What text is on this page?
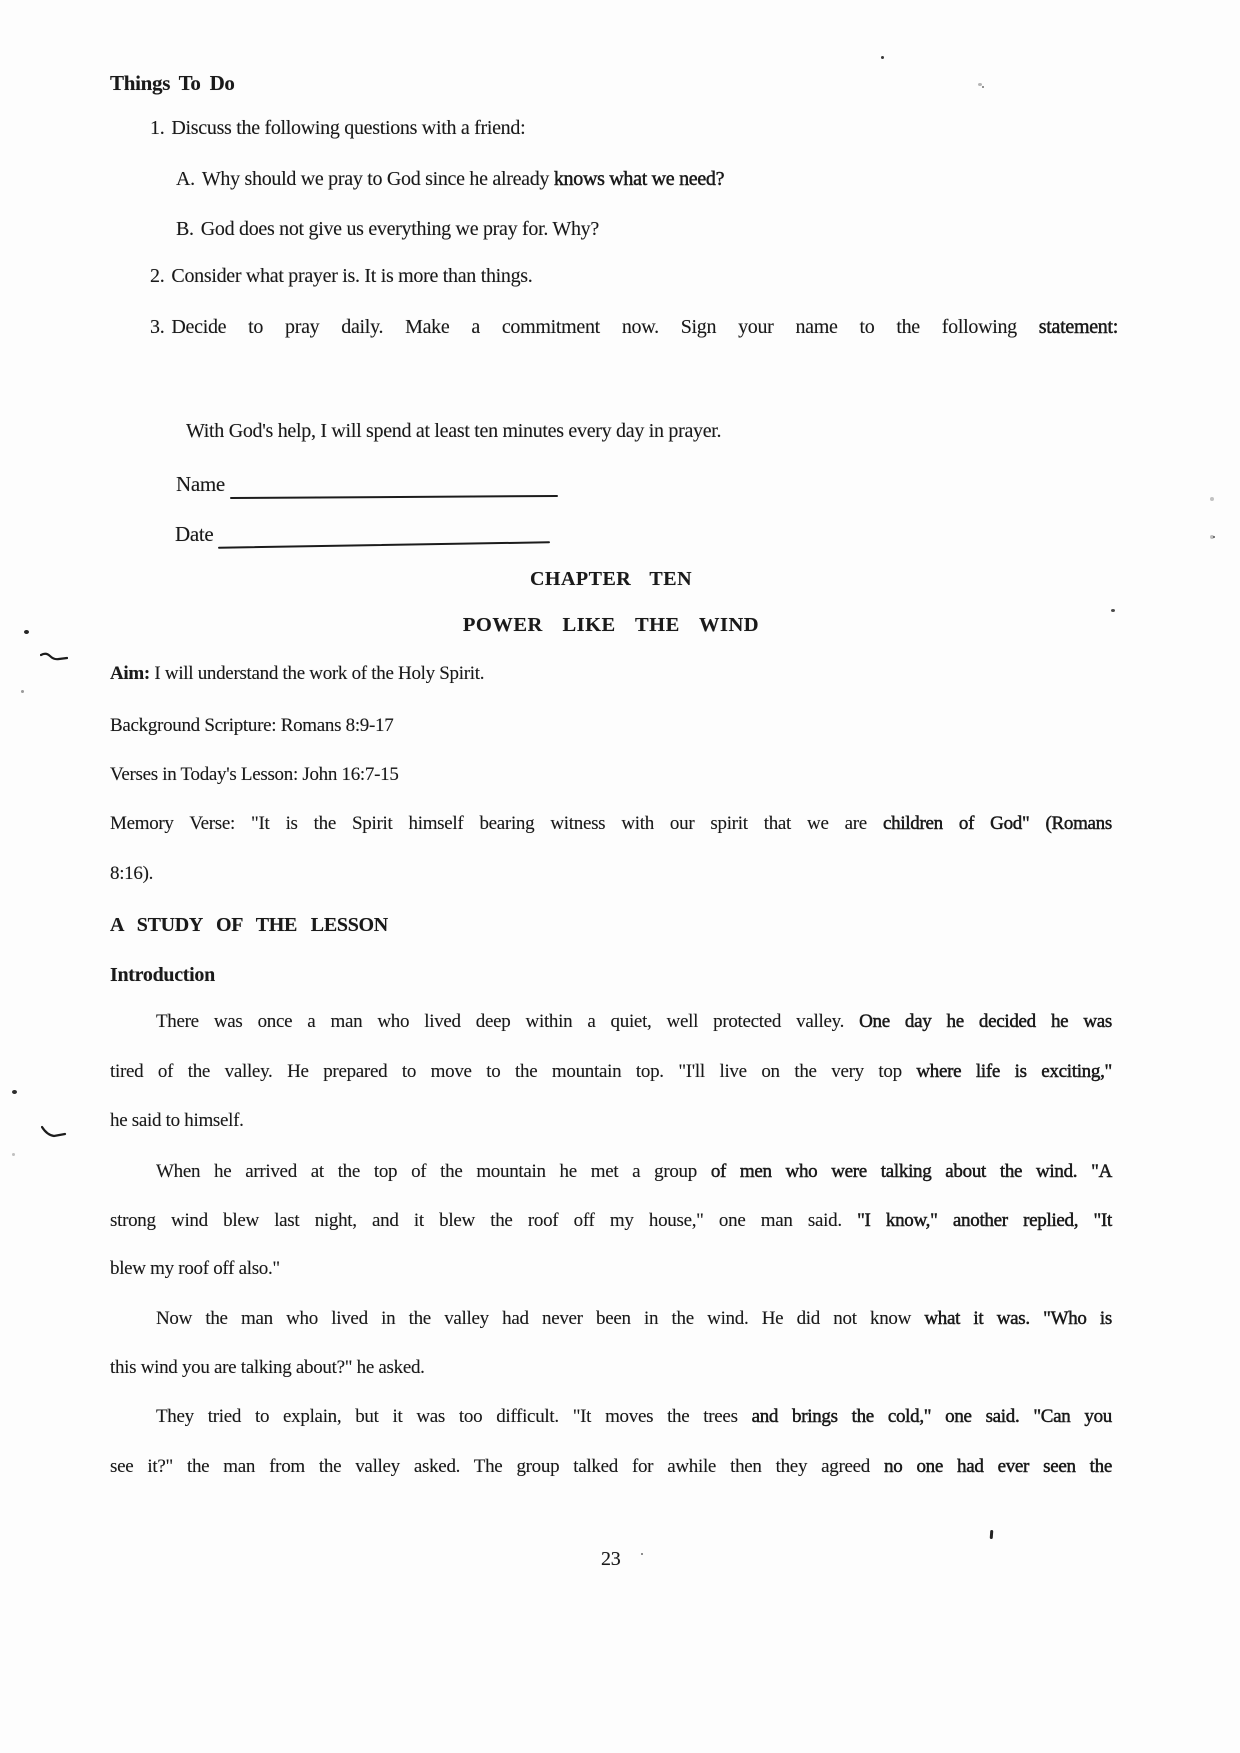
Things To Do
1. Discuss the following questions with a friend:
A. Why should we pray to God since he already knows what we need?
B. God does not give us everything we pray for. Why?
2. Consider what prayer is. It is more than things.
3. Decide to pray daily. Make a commitment now. Sign your name to the following statement:
With God's help, I will spend at least ten minutes every day in prayer.
Name
Date
CHAPTER TEN
POWER LIKE THE WIND
Aim: I will understand the work of the Holy Spirit.
Background Scripture: Romans 8:9-17
Verses in Today's Lesson: John 16:7-15
Memory Verse: "It is the Spirit himself bearing witness with our spirit that we are children of God" (Romans
8:16).
A STUDY OF THE LESSON
Introduction
There was once a man who lived deep within a quiet, well protected valley. One day he decided he was
tired of the valley. He prepared to move to the mountain top. "I'll live on the very top where life is exciting,"
he said to himself.
When he arrived at the top of the mountain he met a group of men who were talking about the wind. "A
strong wind blew last night, and it blew the roof off my house," one man said. "I know," another replied, "It
blew my roof off also."
Now the man who lived in the valley had never been in the wind. He did not know what it was. "Who is
this wind you are talking about?" he asked.
They tried to explain, but it was too difficult. "It moves the trees and brings the cold," one said. "Can you
see it?" the man from the valley asked. The group talked for awhile then they agreed no one had ever seen the
23
